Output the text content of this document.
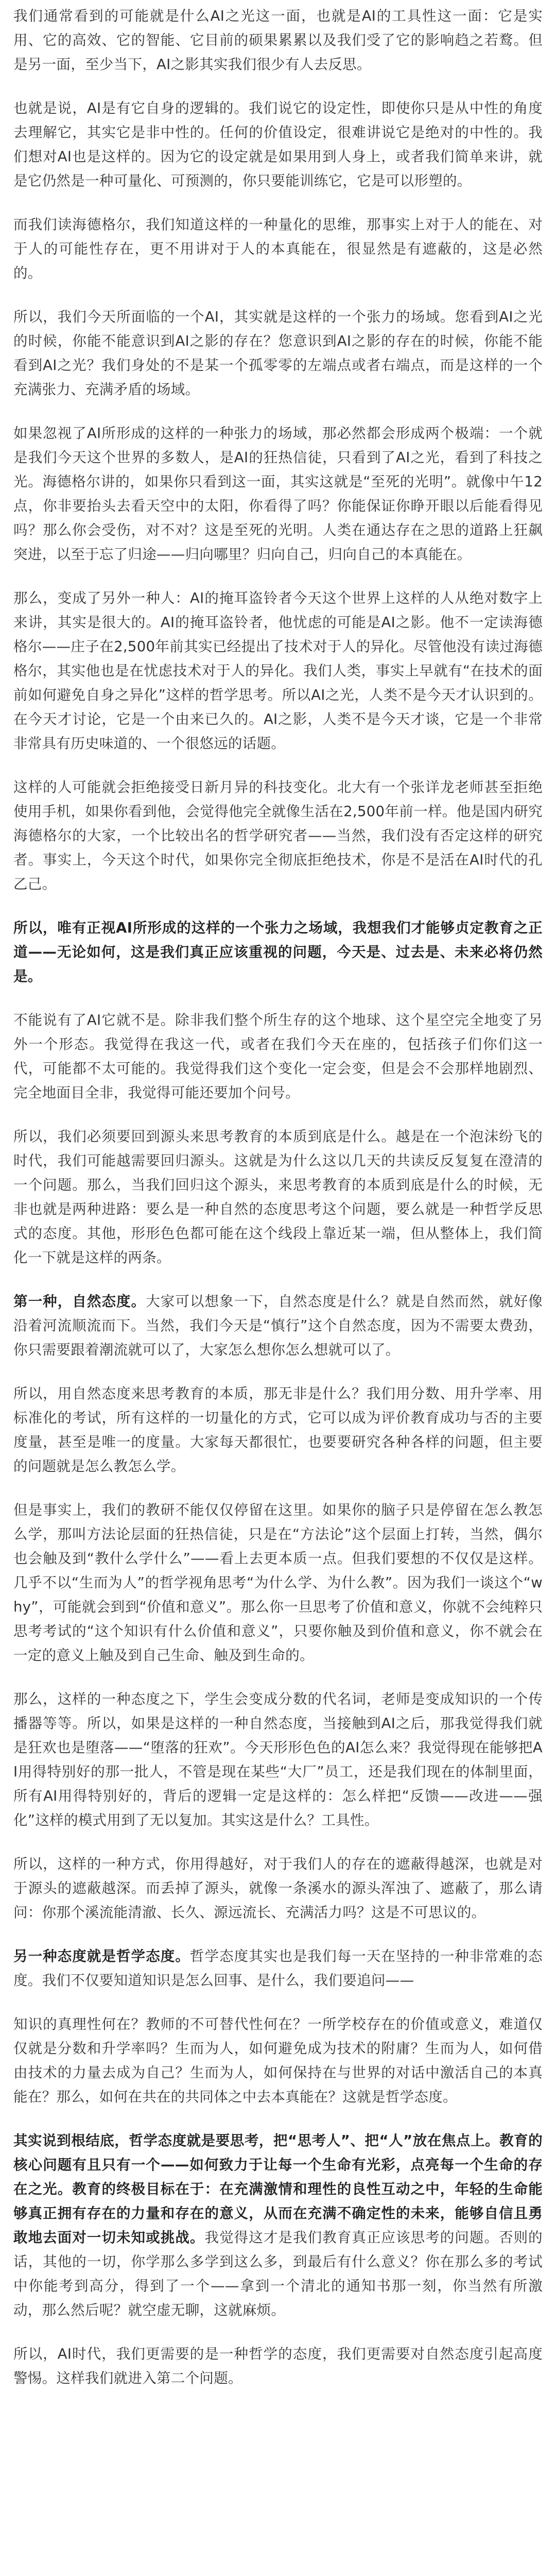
我们通常看到的可能就是什么AI之光这一面，也就是AI的工具性这一面：它是实用、它的高效、它的智能、它目前的硕果累累以及我们受了它的影响趋之若鹜。但是另一面，至少当下，AI之影其实我们很少有人去反思。

也就是说，AI是有它自身的逻辑的。我们说它的设定性，即使你只是从中性的角度去理解它，其实它是非中性的。任何的价值设定，很难讲说它是绝对的中性的。我们想对AI也是这样的。因为它的设定就是如果用到人身上，或者我们简单来讲，就是它仍然是一种可量化、可预测的，你只要能训练它，它是可以形塑的。

而我们读海德格尔，我们知道这样的一种量化的思维，那事实上对于人的能在、对于人的可能性存在，更不用讲对于人的本真能在，很显然是有遮蔽的，这是必然的。

所以，我们今天所面临的一个AI，其实就是这样的一个张力的场域。您看到AI之光的时候，你能不能意识到AI之影的存在？您意识到AI之影的存在的时候，你能不能看到AI之光？我们身处的不是某一个孤零零的左端点或者右端点，而是这样的一个充满张力、充满矛盾的场域。

如果忽视了AI所形成的这样的一种张力的场域，那必然都会形成两个极端：一个就是我们今天这个世界的多数人，是AI的狂热信徒，只看到了AI之光，看到了科技之光。海德格尔讲的，如果你只看到这一面，其实这就是“至死的光明”。就像中午12点，你非要抬头去看天空中的太阳，你看得了吗？你能保证你睁开眼以后能看得见吗？那么你会受伤，对不对？这是至死的光明。人类在通达存在之思的道路上狂飙突进，以至于忘了归途——归向哪里？归向自己，归向自己的本真能在。

那么，变成了另外一种人：AI的掩耳盗铃者今天这个世界上这样的人从绝对数字上来讲，其实是很大的。AI的掩耳盗铃者，他忧虑的可能是AI之影。他不一定读海德格尔——庄子在2,500年前其实已经提出了技术对于人的异化。尽管他没有读过海德格尔，其实他也是在忧虑技术对于人的异化。我们人类，事实上早就有“在技术的面前如何避免自身之异化”这样的哲学思考。所以AI之光，人类不是今天才认识到的。在今天才讨论，它是一个由来已久的。AI之影，人类不是今天才谈，它是一个非常非常具有历史味道的、一个很悠远的话题。

这样的人可能就会拒绝接受日新月异的科技变化。北大有一个张详龙老师甚至拒绝使用手机，如果你看到他，会觉得他完全就像生活在2,500年前一样。他是国内研究海德格尔的大家，一个比较出名的哲学研究者——当然，我们没有否定这样的研究者。事实上，今天这个时代，如果你完全彻底拒绝技术，你是不是活在AI时代的孔乙己。

所以，唯有正视AI所形成的这样的一个张力之场域，我想我们才能够贞定教育之正道——无论如何，这是我们真正应该重视的问题，今天是、过去是、未来必将仍然是。

不能说有了AI它就不是。除非我们整个所生存的这个地球、这个星空完全地变了另外一个形态。我觉得在我这一代，或者在我们今天在座的，包括孩子们你们这一代，可能都不太可能的。我觉得我们这个变化一定会变，但是会不会那样地剧烈、完全地面目全非，我觉得可能还要加个问号。

所以，我们必须要回到源头来思考教育的本质到底是什么。越是在一个泡沫纷飞的时代，我们可能越需要回归源头。这就是为什么这以几天的共读反反复复在澄清的一个问题。那么，当我们回归这个源头，来思考教育的本质到底是什么的时候，无非也就是两种进路：要么是一种自然的态度思考这个问题，要么就是一种哲学反思式的态度。其他，形形色色都可能在这个线段上靠近某一端，但从整体上，我们简化一下就是这样的两条。

第一种，自然态度。大家可以想象一下，自然态度是什么？就是自然而然，就好像沿着河流顺流而下。当然，我们今天是“慎行”这个自然态度，因为不需要太费劲，你只需要跟着潮流就可以了，大家怎么想你怎么想就可以了。

所以，用自然态度来思考教育的本质，那无非是什么？我们用分数、用升学率、用标准化的考试，所有这样的一切量化的方式，它可以成为评价教育成功与否的主要度量，甚至是唯一的度量。大家每天都很忙，也要要研究各种各样的问题，但主要的问题就是怎么教怎么学。

但是事实上，我们的教研不能仅仅停留在这里。如果你的脑子只是停留在怎么教怎么学，那叫方法论层面的狂热信徒，只是在“方法论”这个层面上打转，当然，偶尔也会触及到“教什么学什么”——看上去更本质一点。但我们要想的不仅仅是这样。几乎不以“生而为人”的哲学视角思考“为什么学、为什么教”。因为我们一谈这个“why”，可能就会到到“价值和意义”。那么你一旦思考了价值和意义，你就不会纯粹只思考考试的“这个知识有什么价值和意义”，只要你触及到价值和意义，你不就会在一定的意义上触及到自己生命、触及到生命的。

那么，这样的一种态度之下，学生会变成分数的代名词，老师是变成知识的一个传播器等等。所以，如果是这样的一种自然态度，当接触到AI之后，那我觉得我们就是狂欢也是堕落——“堕落的狂欢”。今天形形色色的AI怎么来？我觉得现在能够把AI用得特别好的那一批人，不管是现在某些“大厂”员工，还是我们现在的体制里面，所有AI用得特别好的，背后的逻辑一定是这样的：怎么样把“反馈——改进——强化”这样的模式用到了无以复加。其实这是什么？工具性。

所以，这样的一种方式，你用得越好，对于我们人的存在的遮蔽得越深，也就是对于源头的遮蔽越深。而丢掉了源头，就像一条溪水的源头浑浊了、遮蔽了，那么请问：你那个溪流能清澈、长久、源远流长、充满活力吗？这是不可思议的。

另一种态度就是哲学态度。哲学态度其实也是我们每一天在坚持的一种非常难的态度。我们不仅要知道知识是怎么回事、是什么，我们要追问——

知识的真理性何在？教师的不可替代性何在？一所学校存在的价值或意义，难道仅仅就是分数和升学率吗？生而为人，如何避免成为技术的附庸？生而为人，如何借由技术的力量去成为自己？生而为人，如何保持在与世界的对话中激活自己的本真能在？那么，如何在共在的共同体之中去本真能在？这就是哲学态度。

其实说到根结底，哲学态度就是要思考，把“思考人”、把“人”放在焦点上。教育的核心问题有且只有一个——如何致力于让每一个生命有光彩，点亮每一个生命的存在之光。教育的终极目标在于：在充满激情和理性的良性互动之中，年轻的生命能够真正拥有存在的力量和存在的意义，从而在充满不确定性的未来，能够自信且勇敢地去面对一切未知或挑战。我觉得这才是我们教育真正应该思考的问题。否则的话，其他的一切，你学那么多学到这么多，到最后有什么意义？你在那么多的考试中你能考到高分，得到了一个——拿到一个清北的通知书那一刻，你当然有所激动，那么然后呢？就空虚无聊，这就麻烦。

所以，AI时代，我们更需要的是一种哲学的态度，我们更需要对自然态度引起高度警惕。这样我们就进入第二个问题。
